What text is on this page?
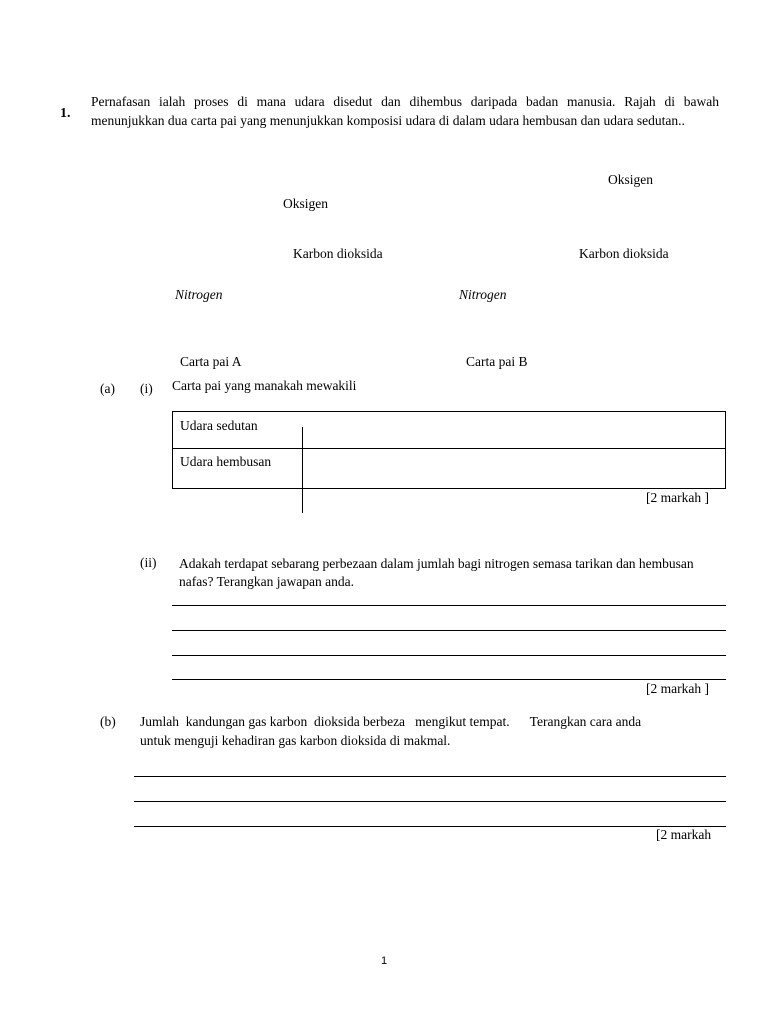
1.
Pernafasan ialah proses di mana udara disedut dan dihembus daripada badan manusia. Rajah di bawah menunjukkan dua carta pai yang menunjukkan komposisi udara di dalam udara hembusan dan udara sedutan..
Oksigen
Karbon dioksida
Nitrogen
Oksigen
Karbon dioksida
Nitrogen
Carta pai A	Carta pai B
(a) (i) Carta pai yang manakah mewakili
Udara sedutan
Udara hembusan
[2 markah ]
(ii) Adakah terdapat sebarang perbezaan dalam jumlah bagi nitrogen semasa tarikan dan hembusan nafas? Terangkan jawapan anda.
[2 markah ]
(b) Jumlah  kandungan gas karbon  dioksida berbeza   mengikut tempat.      Terangkan cara anda
untuk menguji kehadiran gas karbon dioksida di makmal.
[2 markah
1
